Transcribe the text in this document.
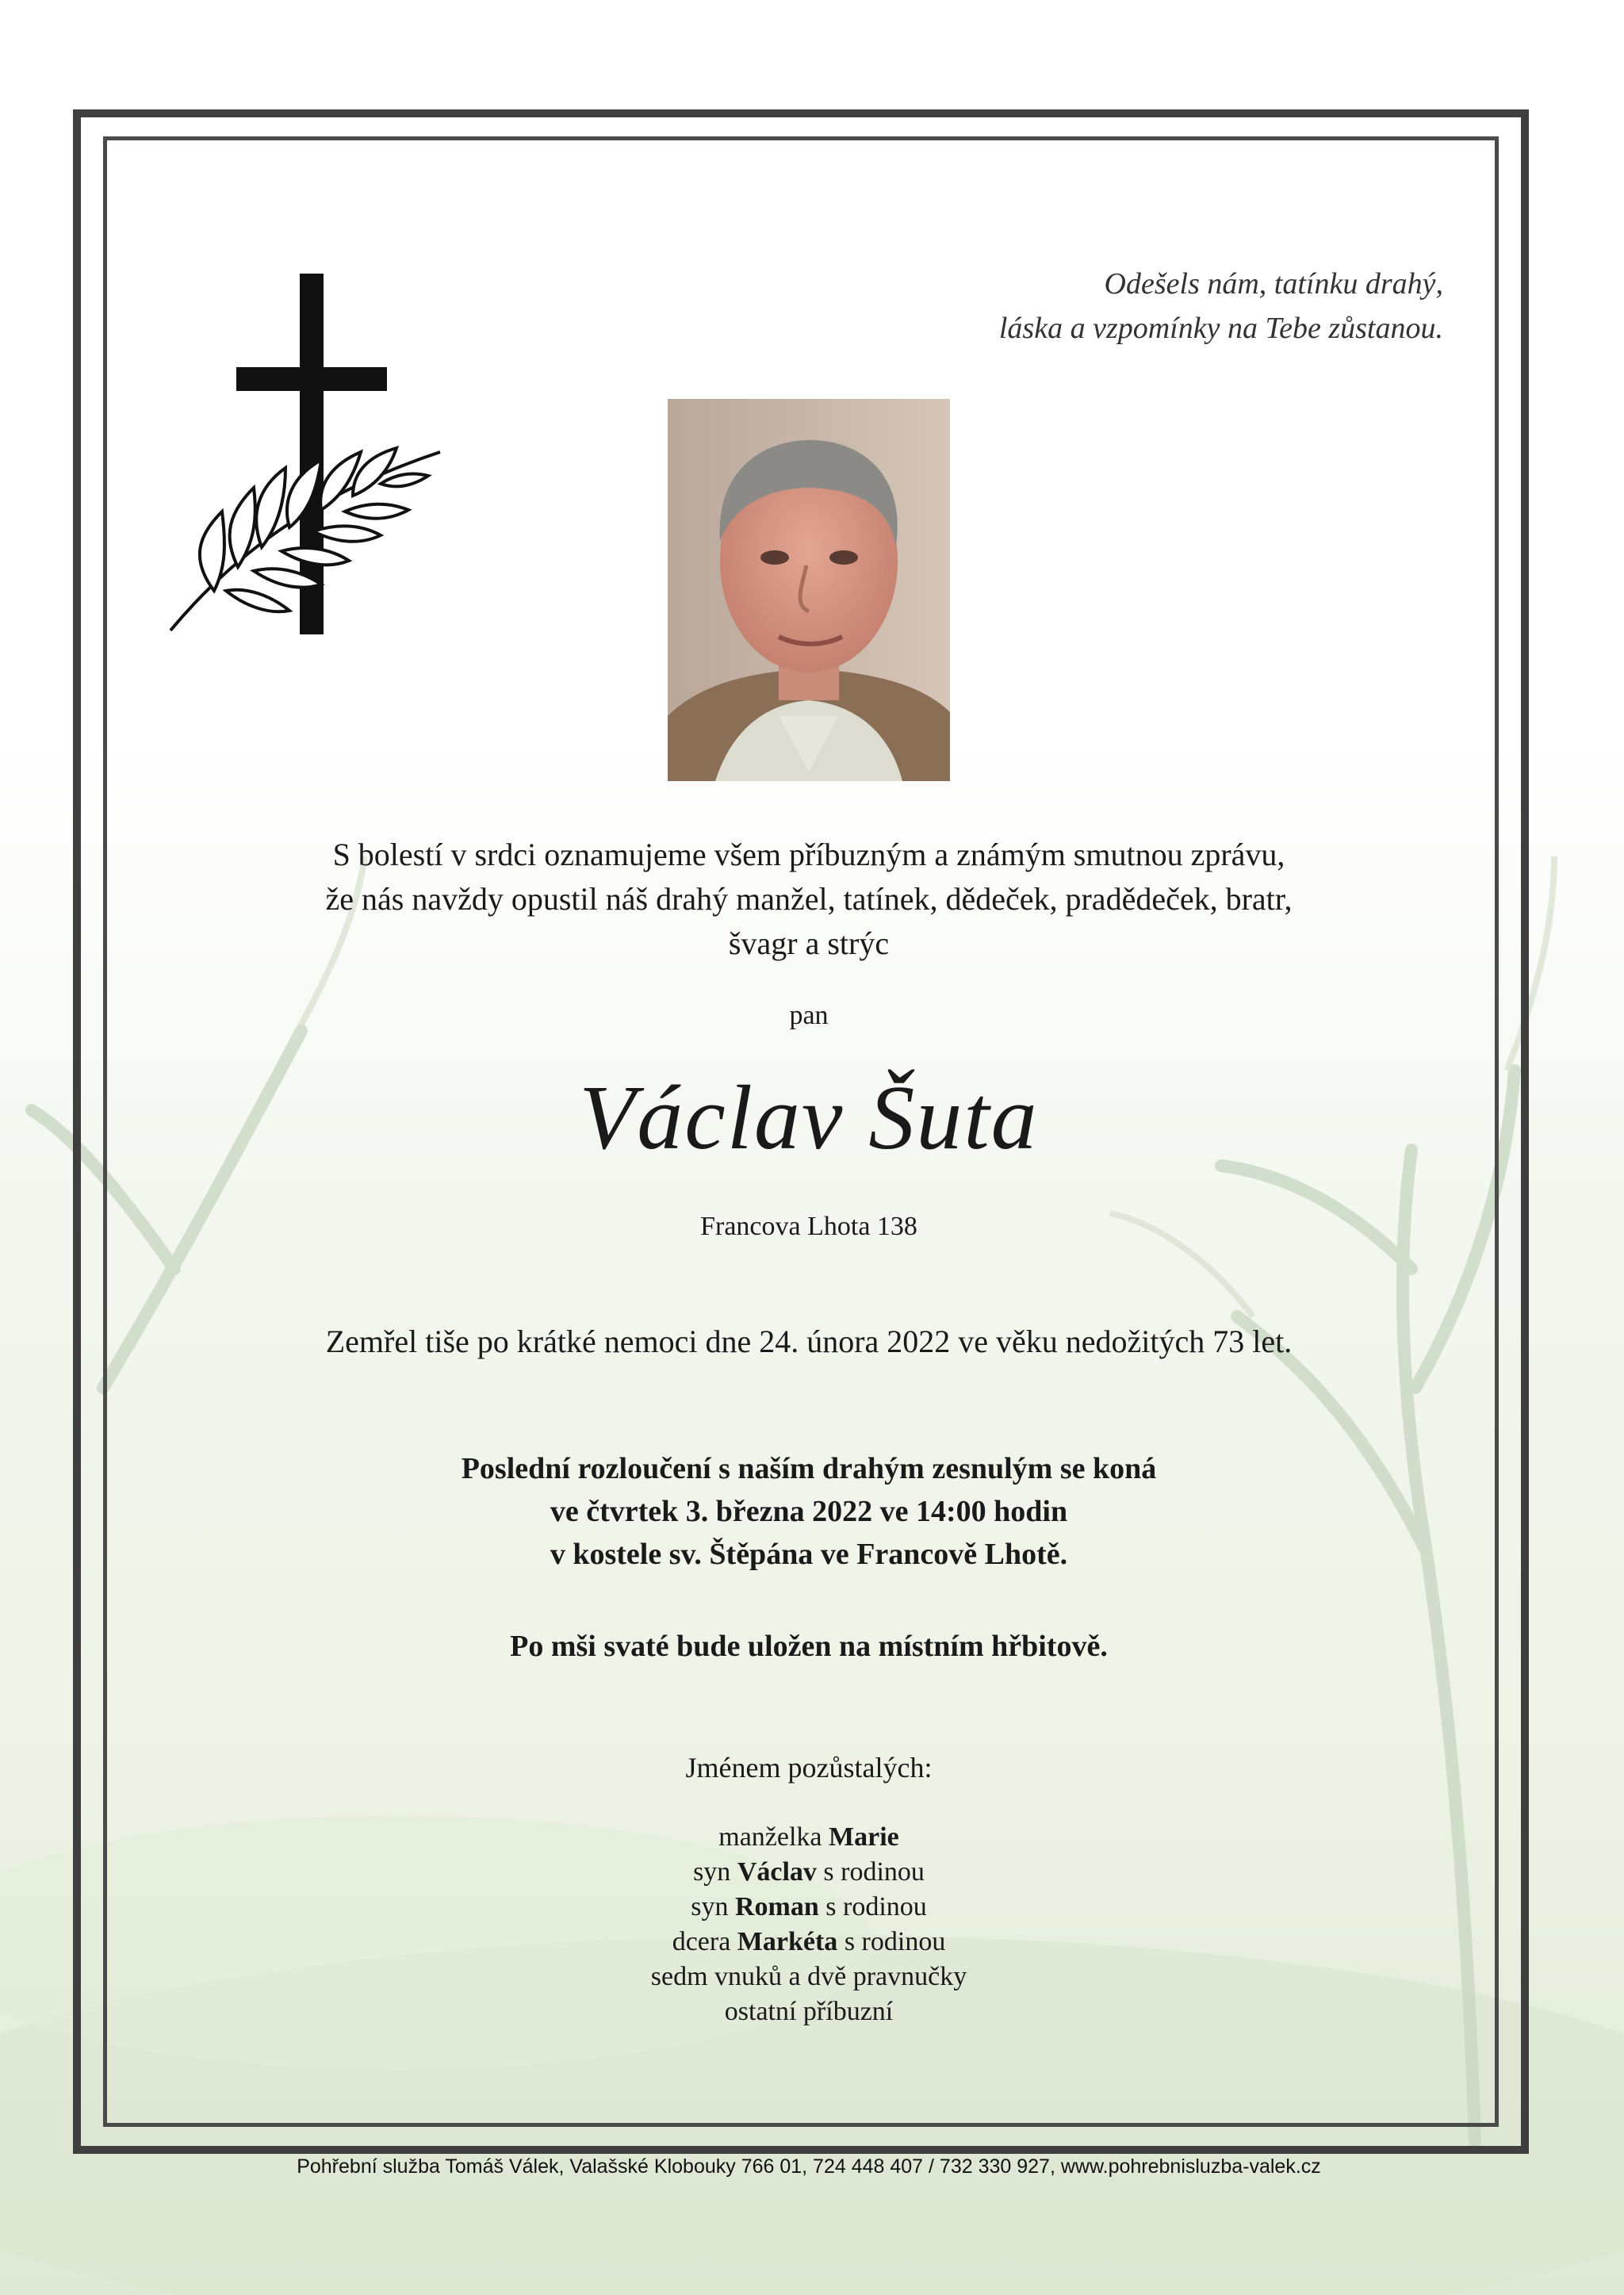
Odešels nám, tatínku drahý,
láska a vzpomínky na Tebe zůstanou.
S bolestí v srdci oznamujeme všem příbuzným a známým smutnou zprávu,
že nás navždy opustil náš drahý manžel, tatínek, dědeček, pradědeček, bratr,
švagr a strýc
pan
Václav Šuta
Francova Lhota 138
Zemřel tiše po krátké nemoci dne 24. února 2022 ve věku nedožitých 73 let.
Poslední rozloučení s naším drahým zesnulým se koná
ve čtvrtek 3. března 2022 ve 14:00 hodin
v kostele sv. Štěpána ve Francově Lhotě.
Po mši svaté bude uložen na místním hřbitově.
Jménem pozůstalých:
manželka Marie
syn Václav s rodinou
syn Roman s rodinou
dcera Markéta s rodinou
sedm vnuků a dvě pravnučky
ostatní příbuzní
Pohřební služba Tomáš Válek, Valašské Klobouky 766 01, 724 448 407 / 732 330 927, www.pohrebnisluzba-valek.cz
